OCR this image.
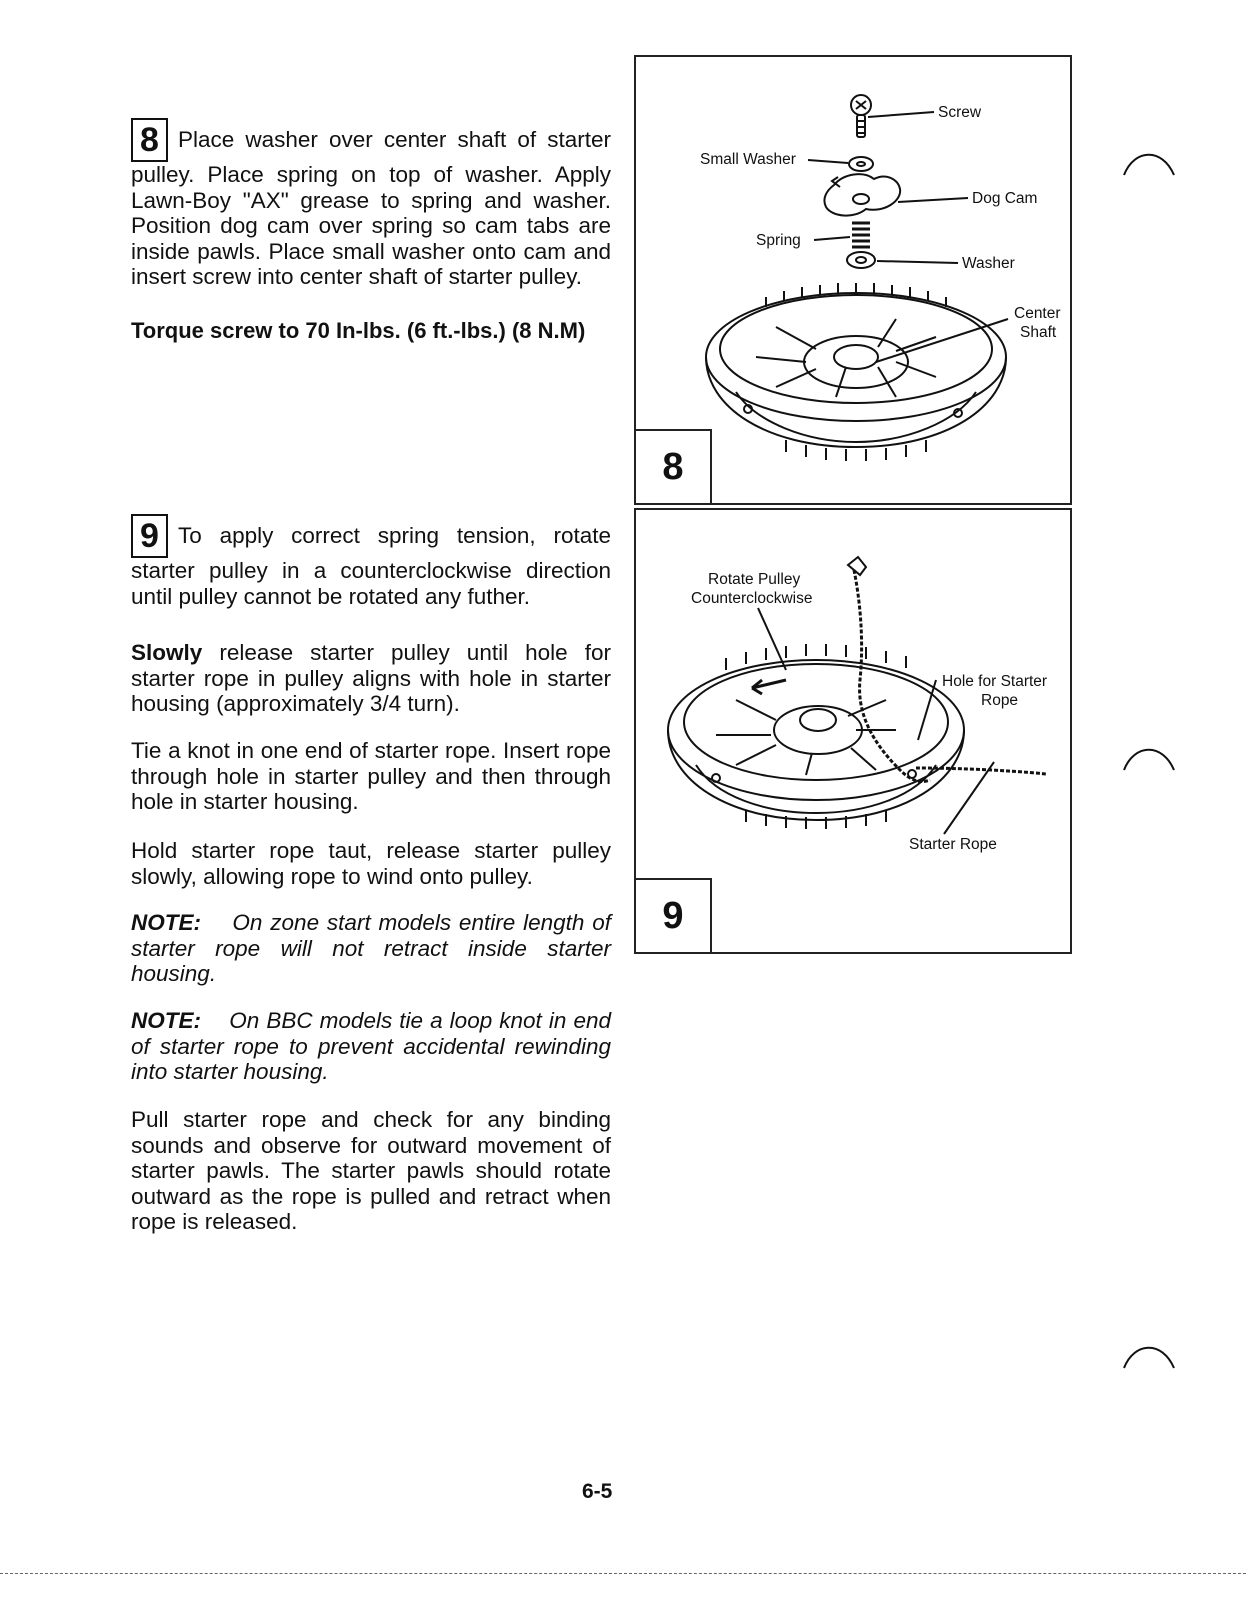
8 Place washer over center shaft of starter pulley. Place spring on top of washer. Apply Lawn-Boy "AX" grease to spring and washer. Position dog cam over spring so cam tabs are inside pawls. Place small washer onto cam and insert screw into center shaft of starter pulley.

Torque screw to 70 In-lbs. (6 ft.-lbs.) (8 N.M)

9 To apply correct spring tension, rotate starter pulley in a counterclockwise direction until pulley cannot be rotated any futher.

Slowly release starter pulley until hole for starter rope in pulley aligns with hole in starter housing (approximately 3/4 turn).

Tie a knot in one end of starter rope. Insert rope through hole in starter pulley and then through hole in starter housing.

Hold starter rope taut, release starter pulley slowly, allowing rope to wind onto pulley.

NOTE: On zone start models entire length of starter rope will not retract inside starter housing.

NOTE: On BBC models tie a loop knot in end of starter rope to prevent accidental rewinding into starter housing.

Pull starter rope and check for any binding sounds and observe for outward movement of starter pawls. The starter pawls should rotate outward as the rope is pulled and retract when rope is released.

Screw
Small Washer
Dog Cam
Spring
Washer
Center
Shaft
8
Rotate Pulley
Counterclockwise
Hole for Starter
Rope
Starter Rope
9
6-5
